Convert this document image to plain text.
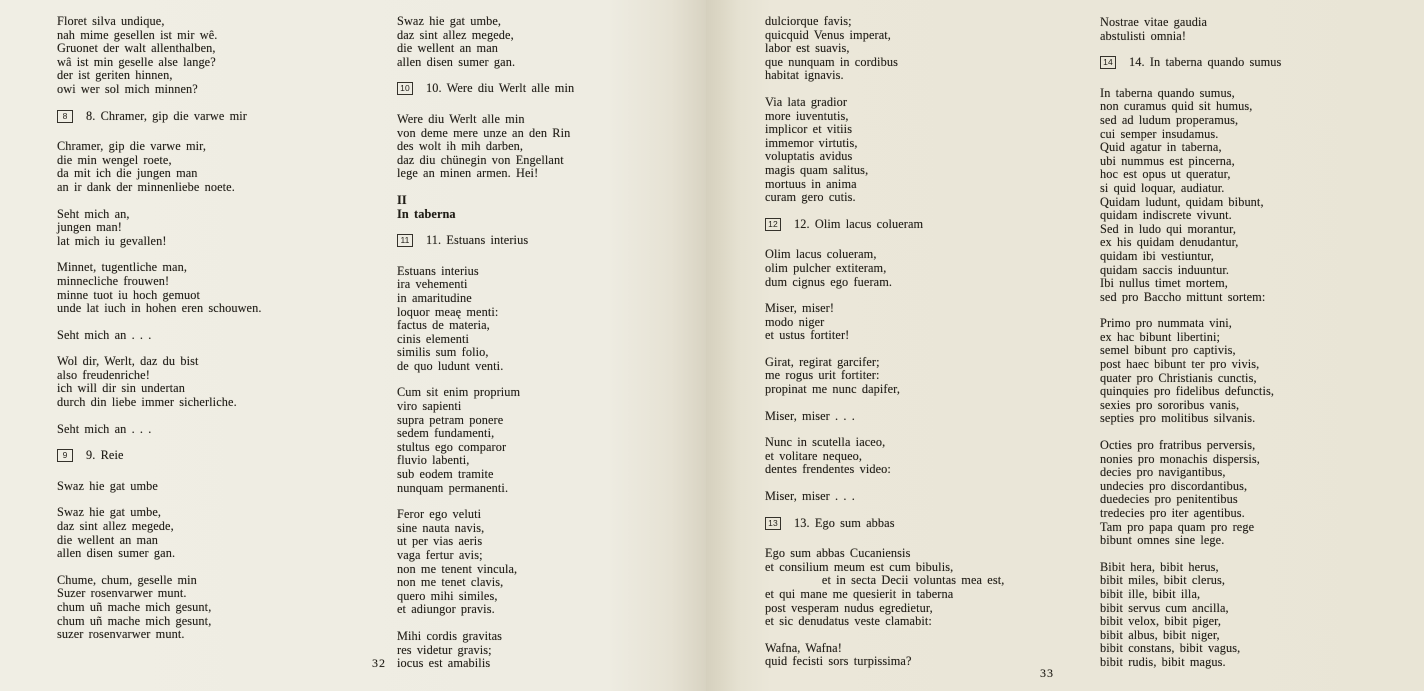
Floret silva undique,
nah mime gesellen ist mir wê.
Gruonet der walt allenthalben,
wâ ist min geselle alse lange?
der ist geriten hinnen,
owi wer sol mich minnen?
8 8. Chramer, gip die varwe mir
Chramer, gip die varwe mir,
die min wengel roete,
da mit ich die jungen man
an ir dank der minnenliebe noete.
Seht mich an,
jungen man!
lat mich iu gevallen!
Minnet, tugentliche man,
minnecliche frouwen!
minne tuot iu hoch gemuot
unde lat iuch in hohen eren schouwen.
Seht mich an . . .
Wol dir, Werlt, daz du bist
also freudenriche!
ich will dir sin undertan
durch din liebe immer sicherliche.
Seht mich an . . .
9 9. Reie
Swaz hie gat umbe
Swaz hie gat umbe,
daz sint allez megede,
die wellent an man
allen disen sumer gan.
Chume, chum, geselle min
Suzer rosenvarwer munt.
chum uñ mache mich gesunt,
chum uñ mache mich gesunt,
suzer rosenvarwer munt.
Swaz hie gat umbe,
daz sint allez megede,
die wellent an man
allen disen sumer gan.
10 10. Were diu Werlt alle min
Were diu Werlt alle min
von deme mere unze an den Rin
des wolt ih mih darben,
daz diu chünegin von Engellant
lege an minen armen. Hei!
II
In taberna
11 11. Estuans interius
Estuans interius
ira vehementi
in amaritudine
loquor meaę menti:
factus de materia,
cinis elementi
similis sum folio,
de quo ludunt venti.
Cum sit enim proprium
viro sapienti
supra petram ponere
sedem fundamenti,
stultus ego comparor
fluvio labenti,
sub eodem tramite
nunquam permanenti.
Feror ego veluti
sine nauta navis,
ut per vias aeris
vaga fertur avis;
non me tenent vincula,
non me tenet clavis,
quero mihi similes,
et adiungor pravis.
Mihi cordis gravitas
res videtur gravis;
iocus est amabilis
dulciorque favis;
quicquid Venus imperat,
labor est suavis,
que nunquam in cordibus
habitat ignavis.
Via lata gradior
more iuventutis,
implicor et vitiis
immemor virtutis,
voluptatis avidus
magis quam salitus,
mortuus in anima
curam gero cutis.
12 12. Olim lacus colueram
Olim lacus colueram,
olim pulcher extiteram,
dum cignus ego fueram.
Miser, miser!
modo niger
et ustus fortiter!
Girat, regirat garcifer;
me rogus urit fortiter:
propinat me nunc dapifer,
Miser, miser . . .
Nunc in scutella iaceo,
et volitare nequeo,
dentes frendentes video:
Miser, miser . . .
13 13. Ego sum abbas
Ego sum abbas Cucaniensis
et consilium meum est cum bibulis,
et in secta Decii voluntas mea est,
et qui mane me quesierit in taberna
post vesperam nudus egredietur,
et sic denudatus veste clamabit:
Wafna, Wafna!
quid fecisti sors turpissima?
Nostrae vitae gaudia
abstulisti omnia!
14 14. In taberna quando sumus
In taberna quando sumus,
non curamus quid sit humus,
sed ad ludum properamus,
cui semper insudamus.
Quid agatur in taberna,
ubi nummus est pincerna,
hoc est opus ut queratur,
si quid loquar, audiatur.
Quidam ludunt, quidam bibunt,
quidam indiscrete vivunt.
Sed in ludo qui morantur,
ex his quidam denudantur,
quidam ibi vestiuntur,
quidam saccis induuntur.
Ibi nullus timet mortem,
sed pro Baccho mittunt sortem:
Primo pro nummata vini,
ex hac bibunt libertini;
semel bibunt pro captivis,
post haec bibunt ter pro vivis,
quater pro Christianis cunctis,
quinquies pro fidelibus defunctis,
sexies pro sororibus vanis,
septies pro molitibus silvanis.
Octies pro fratribus perversis,
nonies pro monachis dispersis,
decies pro navigantibus,
undecies pro discordantibus,
duedecies pro penitentibus
tredecies pro iter agentibus.
Tam pro papa quam pro rege
bibunt omnes sine lege.
Bibit hera, bibit herus,
bibit miles, bibit clerus,
bibit ille, bibit illa,
bibit servus cum ancilla,
bibit velox, bibit piger,
bibit albus, bibit niger,
bibit constans, bibit vagus,
bibit rudis, bibit magus.
32
33
